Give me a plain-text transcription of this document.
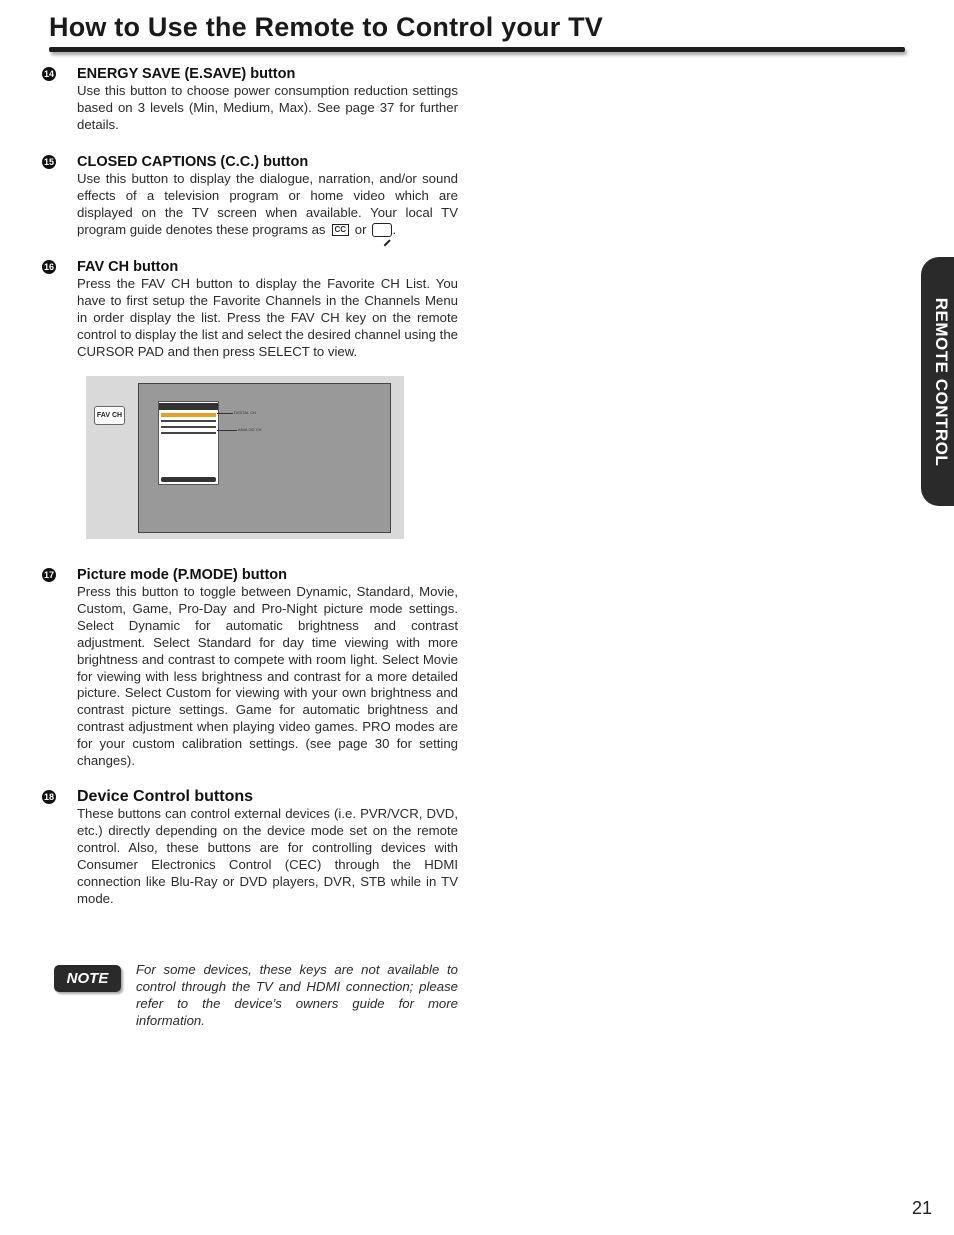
How to Use the Remote to Control your TV
REMOTE CONTROL
14 ENERGY SAVE (E.SAVE) button

Use this button to choose power consumption reduction settings based on 3 levels (Min, Medium, Max). See page 37 for further details.

15 CLOSED CAPTIONS (C.C.) button

Use this button to display the dialogue, narration, and/or sound effects of a television program or home video which are displayed on the TV screen when available. Your local TV program guide denotes these programs as CC or .

16 FAV CH button

Press the FAV CH button to display the Favorite CH List. You have to first setup the Favorite Channels in the Channels Menu in order display the list. Press the FAV CH key on the remote control to display the list and select the desired channel using the CURSOR PAD and then press SELECT to view.

FAV CH	DIGITAL CH
ANALOG CH
17 Picture mode (P.MODE) button

Press this button to toggle between Dynamic, Standard, Movie, Custom, Game, Pro-Day and Pro-Night picture mode settings. Select Dynamic for automatic brightness and contrast adjustment. Select Standard for day time viewing with more brightness and contrast to compete with room light. Select Movie for viewing with less brightness and contrast for a more detailed picture. Select Custom for viewing with your own brightness and contrast picture settings. Game for automatic brightness and contrast adjustment when playing video games. PRO modes are for your custom calibration settings. (see page 30 for setting changes).

18 Device Control buttons

These buttons can control external devices (i.e. PVR/VCR, DVD, etc.) directly depending on the device mode set on the remote control. Also, these buttons are for controlling devices with Consumer Electronics Control (CEC) through the HDMI connection like Blu-Ray or DVD players, DVR, STB while in TV mode.

NOTE

For some devices, these keys are not available to control through the TV and HDMI connection; please refer to the device’s owners guide for more information.

21
